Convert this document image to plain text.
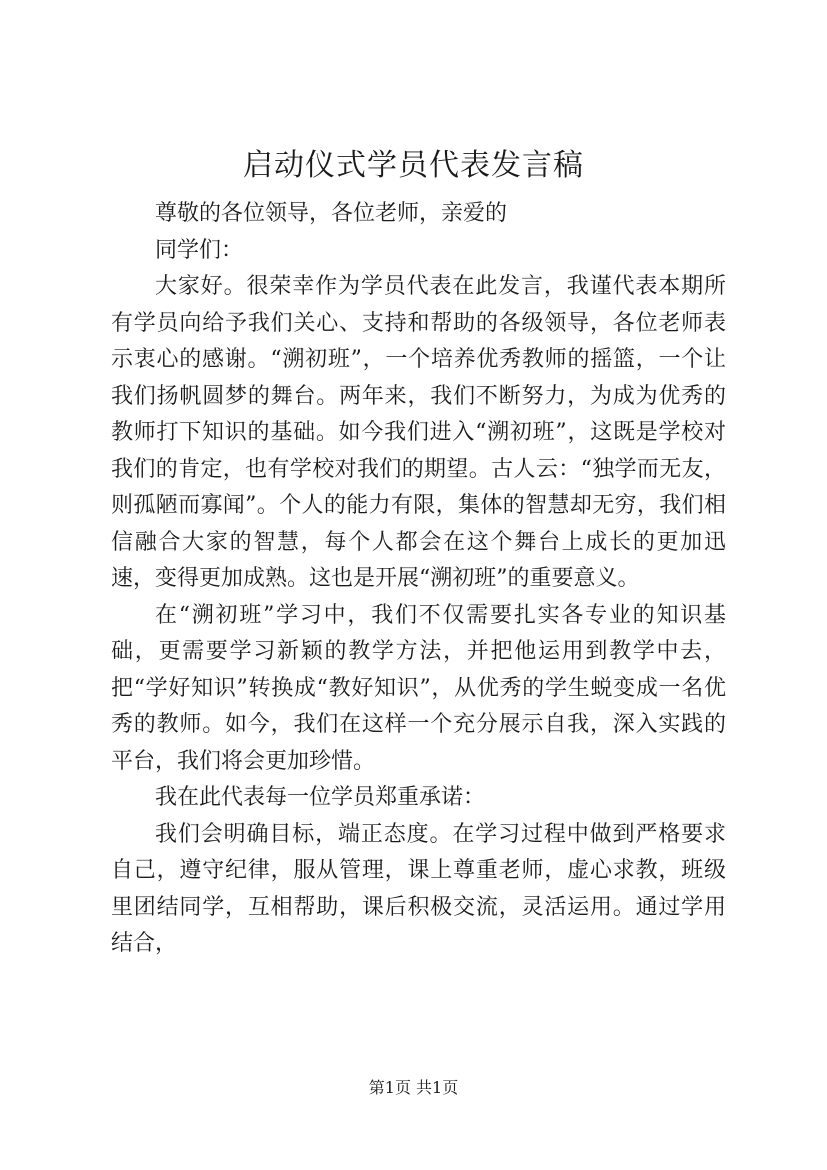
启动仪式学员代表发言稿

尊敬的各位领导，各位老师，亲爱的

同学们：

大家好。很荣幸作为学员代表在此发言，我谨代表本期所有学员向给予我们关心、支持和帮助的各级领导，各位老师表示衷心的感谢。“溯初班”，一个培养优秀教师的摇篮，一个让我们扬帆圆梦的舞台。两年来，我们不断努力，为成为优秀的教师打下知识的基础。如今我们进入“溯初班”，这既是学校对我们的肯定，也有学校对我们的期望。古人云：“独学而无友，则孤陋而寡闻”。个人的能力有限，集体的智慧却无穷，我们相信融合大家的智慧，每个人都会在这个舞台上成长的更加迅速，变得更加成熟。这也是开展“溯初班”的重要意义。

在“溯初班”学习中，我们不仅需要扎实各专业的知识基础，更需要学习新颖的教学方法，并把他运用到教学中去，把“学好知识”转换成“教好知识”，从优秀的学生蜕变成一名优秀的教师。如今，我们在这样一个充分展示自我，深入实践的平台，我们将会更加珍惜。

我在此代表每一位学员郑重承诺：

我们会明确目标，端正态度。在学习过程中做到严格要求自己，遵守纪律，服从管理，课上尊重老师，虚心求教，班级里团结同学，互相帮助，课后积极交流，灵活运用。通过学用结合，

第1页 共1页
